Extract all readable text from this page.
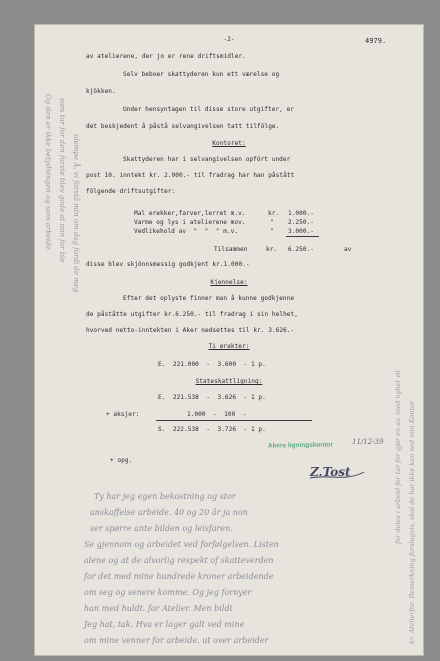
-2-	4979.
av atelierene, der jo er rene driftsmidler.
Selv beboer skattyderen kun ett værelse og
kjökken.
Under hensyntagen til disse store utgifter, er
det beskjedent å påstå selvangivelsen tatt tilfölge.
Kontoret:
Skattyderen har i selvangivelsen opfört under
post 10. inntekt kr. 2.000.- til fradrag har han påstått
fölgende driftsutgifter:
Mal erekker,farver,lerret m.v.	kr. 1.000.-
Varme og lys i atelierene mov.	" 2.250.-
Vedlikehold av  "  "  " m.v.	" 3.000.-
Tilsammen	kr. 6.250.-	av
disse blev skjönnsmessig godkjent kr.1.000.-
Kjennelse:
Efter det oplyste finner man å kunne godkjenne
de påståtte utgifter kr.6.250.- til fradrag i sin helhet,
hvorved netto-inntekten i Aker nedsettes til kr. 3.626.-
Ti erakter:
E.  221.000  -  3.600  - 1 p.
Stateskattligning:
E.  221.538  -  3.626  - 1 p.
+ aksjer:	1.000  -  100  -
S.  222.538  -  3.726  - 1 p.
+ opg.
Akers ligningskontor	11/12-39
Z.Tost
Ty har jeg egen bekostning og stor
anskaffelse arbeide. 40 og 20 år ja non
ser spørre ante bilden og leisfaren.
Se gjennom og arbeidet ved forfølgelsen. Listen
alene og at de alvorlig respekt of skatteverden
for det med mine hundrede kroner arbeidende
om seg og senere komme. Og jeg fornyer
han med huldt. for Atelier. Men bildt
Jeg hat, tak. Hva er lager galt ved mine
om mine venner for arbeide. ut over arbeider
Og den er ikke betydningen og som arbeide. som tar for den forste blev gode at min far ble ulempe Å, vi forstå min om dag fordi de meg
kr. Atelierfor. Bemerkning forslagvis, skal de har ikke kan ved min Kontor
for deles i arbeid for tar for gjør en av. med nyhet vil
